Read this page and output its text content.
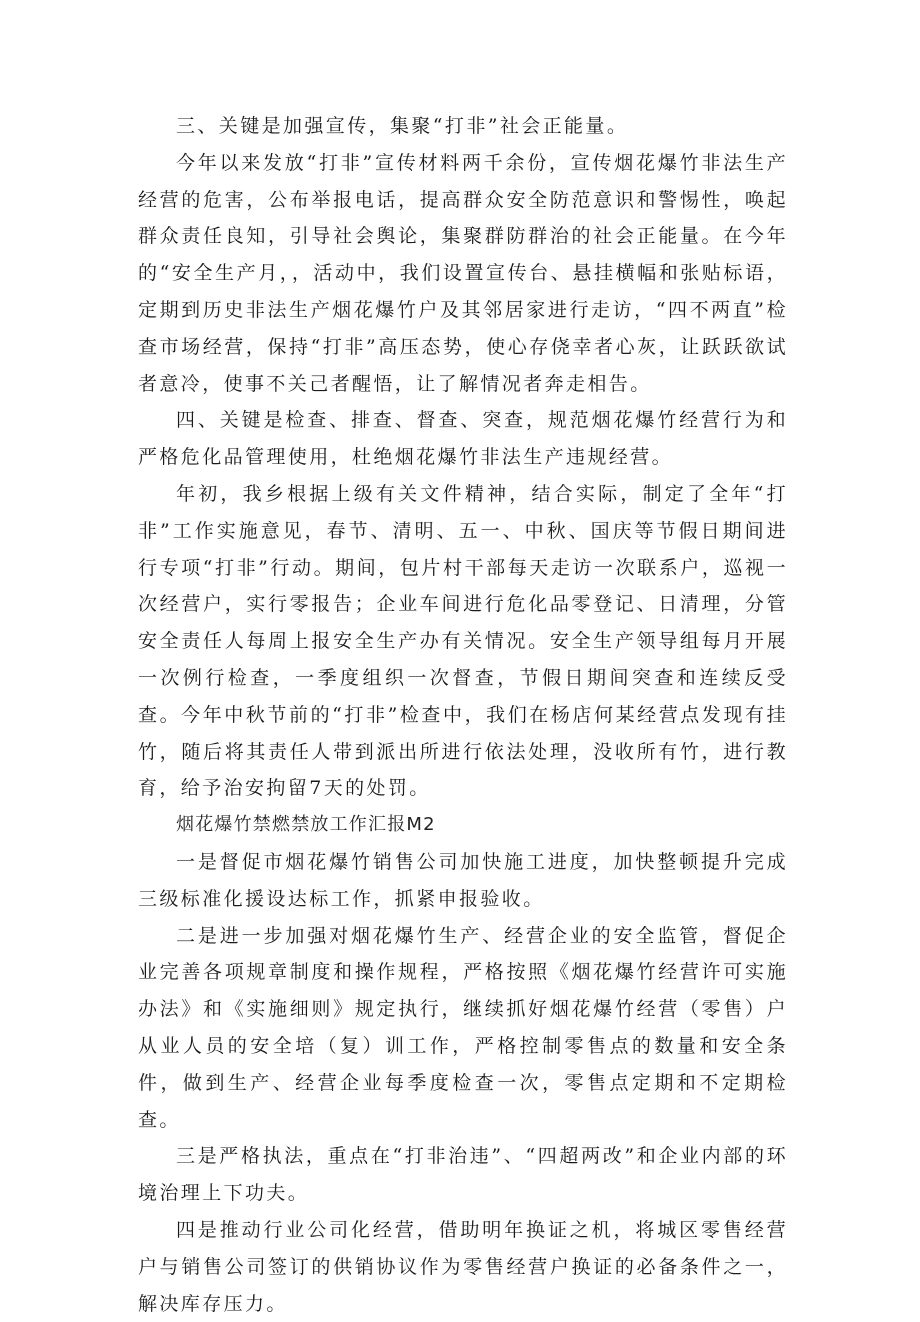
三、关键是加强宣传，集聚“打非”社会正能量。

今年以来发放“打非”宣传材料两千余份，宣传烟花爆竹非法生产经营的危害，公布举报电话，提高群众安全防范意识和警惕性，唤起群众责任良知，引导社会舆论，集聚群防群治的社会正能量。在今年的“安全生产月，，活动中，我们设置宣传台、悬挂横幅和张贴标语，定期到历史非法生产烟花爆竹户及其邻居家进行走访，“四不两直”检查市场经营，保持“打非”高压态势，使心存侥幸者心灰，让跃跃欲试者意冷，使事不关己者醒悟，让了解情况者奔走相告。

四、关键是检查、排查、督查、突查，规范烟花爆竹经营行为和严格危化品管理使用，杜绝烟花爆竹非法生产违规经营。

年初，我乡根据上级有关文件精神，结合实际，制定了全年“打非”工作实施意见，春节、清明、五一、中秋、国庆等节假日期间进行专项“打非”行动。期间，包片村干部每天走访一次联系户，巡视一次经营户，实行零报告；企业车间进行危化品零登记、日清理，分管安全责任人每周上报安全生产办有关情况。安全生产领导组每月开展一次例行检查，一季度组织一次督查，节假日期间突查和连续反受查。今年中秋节前的“打非”检查中，我们在杨店何某经营点发现有挂竹，随后将其责任人带到派出所进行依法处理，没收所有竹，进行教育，给予治安拘留7天的处罚。

烟花爆竹禁燃禁放工作汇报M2

一是督促市烟花爆竹销售公司加快施工进度，加快整顿提升完成三级标准化援设达标工作，抓紧申报验收。

二是进一步加强对烟花爆竹生产、经营企业的安全监管，督促企业完善各项规章制度和操作规程，严格按照《烟花爆竹经营许可实施办法》和《实施细则》规定执行，继续抓好烟花爆竹经营（零售）户从业人员的安全培（复）训工作，严格控制零售点的数量和安全条件，做到生产、经营企业每季度检查一次，零售点定期和不定期检查。

三是严格执法，重点在“打非治违”、“四超两改”和企业内部的环境治理上下功夫。

四是推动行业公司化经营，借助明年换证之机，将城区零售经营户与销售公司签订的供销协议作为零售经营户换证的必备条件之一，解决库存压力。
